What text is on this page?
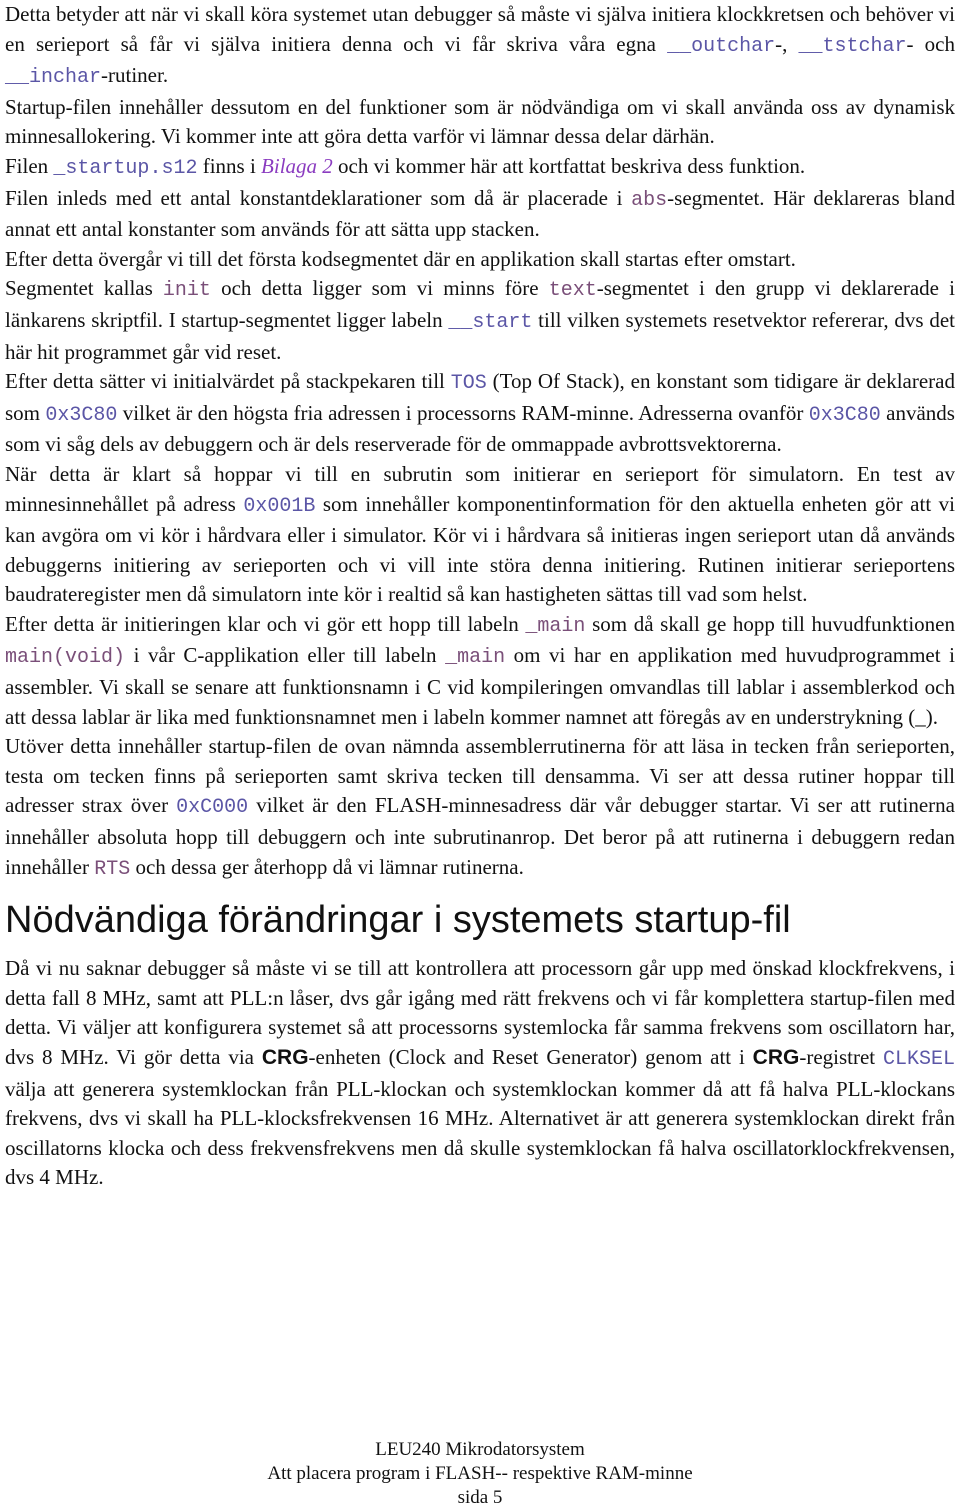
Detta betyder att när vi skall köra systemet utan debugger så måste vi själva initiera klockkretsen och behöver vi en serieport så får vi själva initiera denna och vi får skriva våra egna __outchar-, __tstchar- och __inchar-rutiner.

Startup-filen innehåller dessutom en del funktioner som är nödvändiga om vi skall använda oss av dynamisk minnesallokering. Vi kommer inte att göra detta varför vi lämnar dessa delar därhän.

Filen _startup.s12 finns i Bilaga 2 och vi kommer här att kortfattat beskriva dess funktion.

Filen inleds med ett antal konstantdeklarationer som då är placerade i abs-segmentet. Här deklareras bland annat ett antal konstanter som används för att sätta upp stacken.

Efter detta övergår vi till det första kodsegmentet där en applikation skall startas efter omstart.

Segmentet kallas init och detta ligger som vi minns före text-segmentet i den grupp vi deklarerade i länkarens skriptfil. I startup-segmentet ligger labeln __start till vilken systemets resetvektor refererar, dvs det här hit programmet går vid reset.

Efter detta sätter vi initialvärdet på stackpekaren till TOS (Top Of Stack), en konstant som tidigare är deklarerad som 0x3C80 vilket är den högsta fria adressen i processorns RAM-minne. Adresserna ovanför 0x3C80 används som vi såg dels av debuggern och är dels reserverade för de ommappade avbrottsvektorerna.

När detta är klart så hoppar vi till en subrutin som initierar en serieport för simulatorn. En test av minnesinnehållet på adress 0x001B som innehåller komponentinformation för den aktuella enheten gör att vi kan avgöra om vi kör i hårdvara eller i simulator. Kör vi i hårdvara så initieras ingen serieport utan då används debuggerns initiering av serieporten och vi vill inte störa denna initiering. Rutinen initierar serieportens baudrateregister men då simulatorn inte kör i realtid så kan hastigheten sättas till vad som helst.

Efter detta är initieringen klar och vi gör ett hopp till labeln _main som då skall ge hopp till huvudfunktionen main(void) i vår C-applikation eller till labeln _main om vi har en applikation med huvudprogrammet i assembler. Vi skall se senare att funktionsnamn i C vid kompileringen omvandlas till lablar i assemblerkod och att dessa lablar är lika med funktionsnamnet men i labeln kommer namnet att föregås av en understrykning (_).

Utöver detta innehåller startup-filen de ovan nämnda assemblerrutinerna för att läsa in tecken från serieporten, testa om tecken finns på serieporten samt skriva tecken till densamma. Vi ser att dessa rutiner hoppar till adresser strax över 0xC000 vilket är den FLASH-minnesadress där vår debugger startar. Vi ser att rutinerna innehåller absoluta hopp till debuggern och inte subrutinanrop. Det beror på att rutinerna i debuggern redan innehåller RTS och dessa ger återhopp då vi lämnar rutinerna.

Nödvändiga förändringar i systemets startup-fil

Då vi nu saknar debugger så måste vi se till att kontrollera att processorn går upp med önskad klockfrekvens, i detta fall 8 MHz, samt att PLL:n låser, dvs går igång med rätt frekvens och vi får komplettera startup-filen med detta. Vi väljer att konfigurera systemet så att processorns systemlocka får samma frekvens som oscillatorn har, dvs 8 MHz. Vi gör detta via CRG-enheten (Clock and Reset Generator) genom att i CRG-registret CLKSEL välja att generera systemklockan från PLL-klockan och systemklockan kommer då att få halva PLL-klockans frekvens, dvs vi skall ha PLL-klocksfrekvensen 16 MHz. Alternativet är att generera systemklockan direkt från oscillatorns klocka och dess frekvensfrekvens men då skulle systemklockan få halva oscillatorklockfrekvensen, dvs 4 MHz.

LEU240 Mikrodatorsystem
Att placera program i FLASH-- respektive RAM-minne
sida 5
